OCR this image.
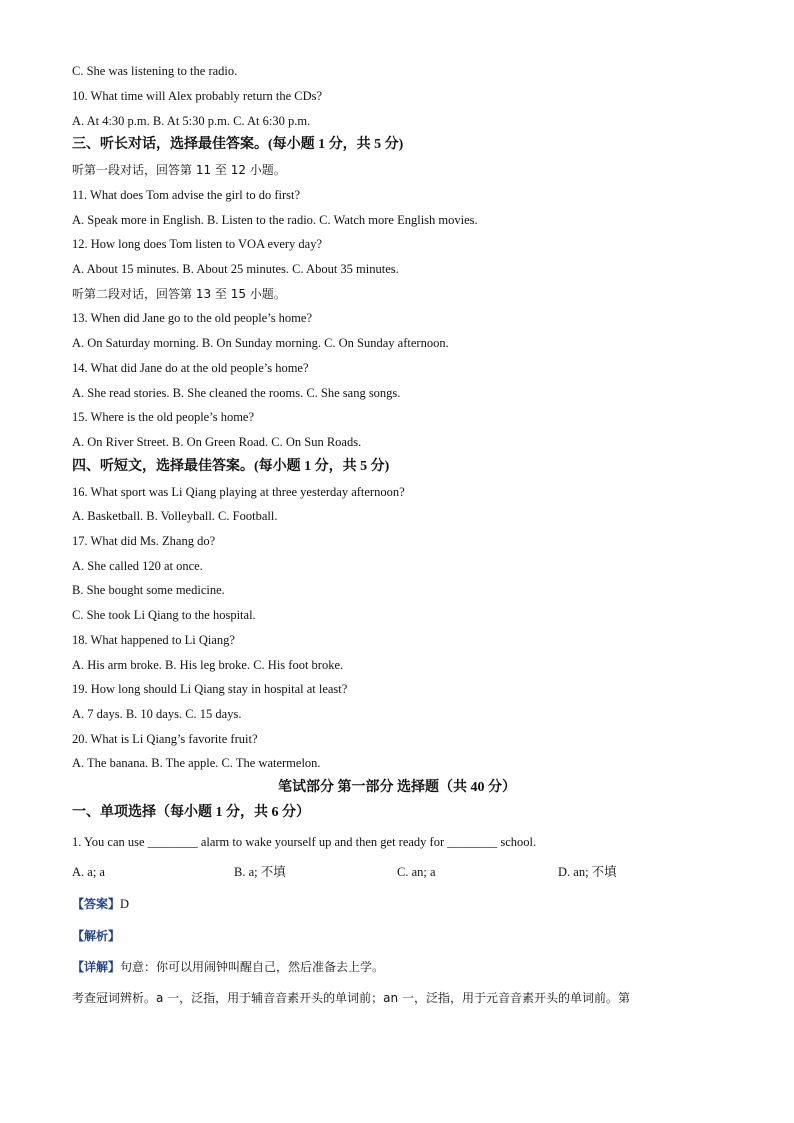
C. She was listening to the radio.
10. What time will Alex probably return the CDs?
A. At 4:30 p.m. B. At 5:30 p.m. C. At 6:30 p.m.
三、听长对话，选择最佳答案。(每小题 1 分，共 5 分)
听第一段对话，回答第 11 至 12 小题。
11. What does Tom advise the girl to do first?
A. Speak more in English. B. Listen to the radio. C. Watch more English movies.
12. How long does Tom listen to VOA every day?
A. About 15 minutes. B. About 25 minutes. C. About 35 minutes.
听第二段对话，回答第 13 至 15 小题。
13. When did Jane go to the old people’s home?
A. On Saturday morning. B. On Sunday morning. C. On Sunday afternoon.
14. What did Jane do at the old people’s home?
A. She read stories. B. She cleaned the rooms. C. She sang songs.
15. Where is the old people’s home?
A. On River Street. B. On Green Road. C. On Sun Roads.
四、听短文，选择最佳答案。(每小题 1 分，共 5 分)
16. What sport was Li Qiang playing at three yesterday afternoon?
A. Basketball. B. Volleyball. C. Football.
17. What did Ms. Zhang do?
A. She called 120 at once.
B. She bought some medicine.
C. She took Li Qiang to the hospital.
18. What happened to Li Qiang?
A. His arm broke. B. His leg broke. C. His foot broke.
19. How long should Li Qiang stay in hospital at least?
A. 7 days. B. 10 days. C. 15 days.
20. What is Li Qiang’s favorite fruit?
A. The banana. B. The apple. C. The watermelon.
笔试部分 第一部分 选择题（共 40 分）
一、单项选择（每小题 1 分，共 6 分）
1. You can use ________ alarm to wake yourself up and then get ready for ________ school.
A. a; a	B. a; 不填	C. an; a	D. an; 不填
【答案】D
【解析】
【详解】句意：你可以用闹钟叫醒自己，然后准备去上学。
考查冠词辨析。a 一，泛指，用于辅音音素开头的单词前；an 一，泛指，用于元音音素开头的单词前。第
